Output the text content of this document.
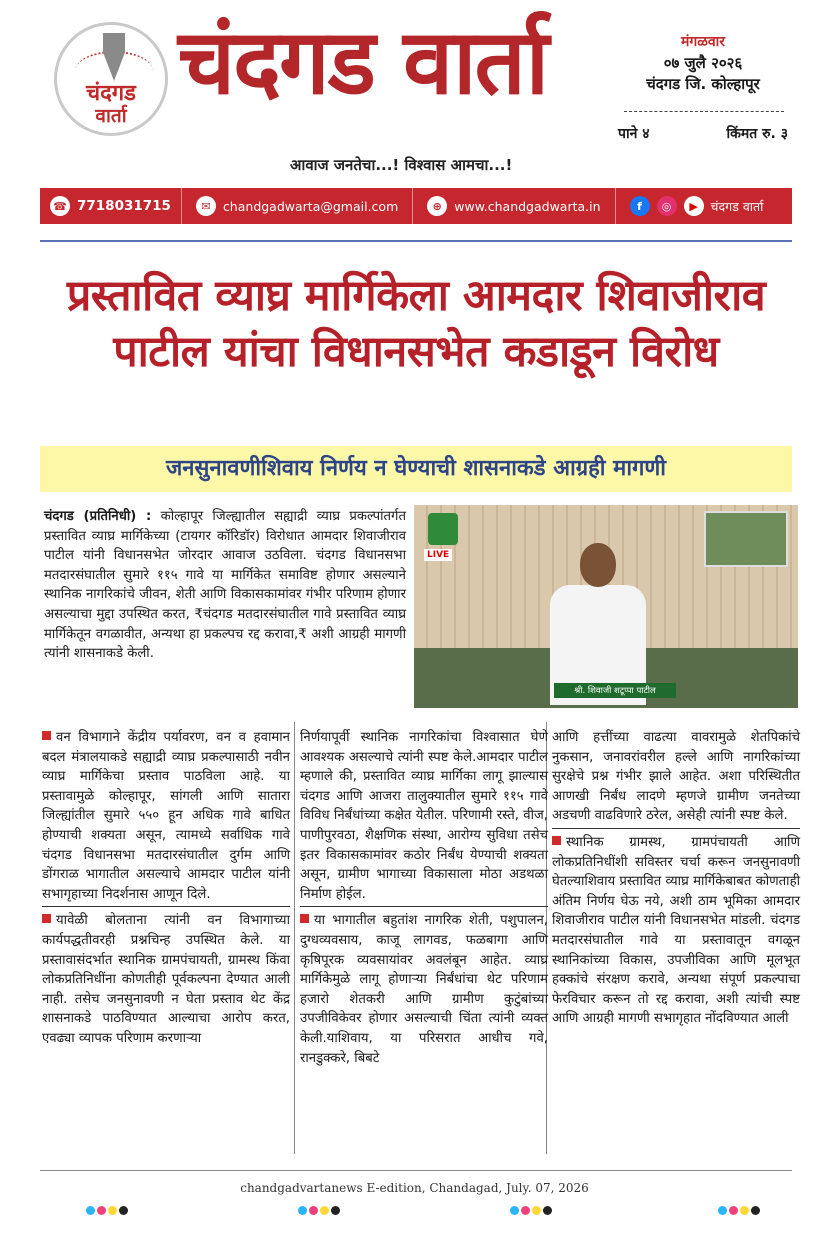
चंदगड
वार्ता
चंदगड वार्ता
आवाज जनतेचा...! विश्वास आमचा...!
मंगळवार
०७ जुलै २०२६
चंदगड जि. कोल्हापूर
पाने ४	किंमत रु. ३
☎ 7718031715	✉ chandgadwarta@gmail.com	⊕ www.chandgadwarta.in	f	◎	▶	चंदगड वार्ता
प्रस्तावित व्याघ्र मार्गिकेला आमदार शिवाजीराव
पाटील यांचा विधानसभेत कडाडून विरोध
जनसुनावणीशिवाय निर्णय न घेण्याची शासनाकडे आग्रही मागणी
LIVE
श्री. शिवाजी शटूप्पा पाटील
चंदगड (प्रतिनिधी) : कोल्हापूर जिल्ह्यातील सह्याद्री व्याघ्र प्रकल्पांतर्गत प्रस्तावित व्याघ्र मार्गिकेच्या (टायगर कॉरिडॉर) विरोधात आमदार शिवाजीराव पाटील यांनी विधानसभेत जोरदार आवाज उठविला. चंदगड विधानसभा मतदारसंघातील सुमारे ११५ गावे या मार्गिकेत समाविष्ट होणार असल्याने स्थानिक नागरिकांचे जीवन, शेती आणि विकासकामांवर गंभीर परिणाम होणार असल्याचा मुद्दा उपस्थित करत, ₹चंदगड मतदारसंघातील गावे प्रस्तावित व्याघ्र मार्गिकेतून वगळावीत, अन्यथा हा प्रकल्पच रद्द करावा,₹ अशी आग्रही मागणी त्यांनी शासनाकडे केली.

वन विभागाने केंद्रीय पर्यावरण, वन व हवामान बदल मंत्रालयाकडे सह्याद्री व्याघ्र प्रकल्पासाठी नवीन व्याघ्र मार्गिकेचा प्रस्ताव पाठविला आहे. या प्रस्तावामुळे कोल्हापूर, सांगली आणि सातारा जिल्ह्यांतील सुमारे ५५० हून अधिक गावे बाधित होण्याची शक्यता असून, त्यामध्ये सर्वाधिक गावे चंदगड विधानसभा मतदारसंघातील दुर्गम आणि डोंगराळ भागातील असल्याचे आमदार पाटील यांनी सभागृहाच्या निदर्शनास आणून दिले.

यावेळी बोलताना त्यांनी वन विभागाच्या कार्यपद्धतीवरही प्रश्नचिन्ह उपस्थित केले. या प्रस्तावासंदर्भात स्थानिक ग्रामपंचायती, ग्रामस्थ किंवा लोकप्रतिनिधींना कोणतीही पूर्वकल्पना देण्यात आली नाही. तसेच जनसुनावणी न घेता प्रस्ताव थेट केंद्र शासनाकडे पाठविण्यात आल्याचा आरोप करत, एवढ्या व्यापक परिणाम करणाऱ्या

निर्णयापूर्वी स्थानिक नागरिकांचा विश्वासात घेणे आवश्यक असल्याचे त्यांनी स्पष्ट केले.आमदार पाटील म्हणाले की, प्रस्तावित व्याघ्र मार्गिका लागू झाल्यास चंदगड आणि आजरा तालुक्यातील सुमारे ११५ गावे विविध निर्बंधांच्या कक्षेत येतील. परिणामी रस्ते, वीज, पाणीपुरवठा, शैक्षणिक संस्था, आरोग्य सुविधा तसेच इतर विकासकामांवर कठोर निर्बंध येण्याची शक्यता असून, ग्रामीण भागाच्या विकासाला मोठा अडथळा निर्माण होईल.

या भागातील बहुतांश नागरिक शेती, पशुपालन, दुग्धव्यवसाय, काजू लागवड, फळबागा आणि कृषिपूरक व्यवसायांवर अवलंबून आहेत. व्याघ्र मार्गिकेमुळे लागू होणाऱ्या निर्बंधांचा थेट परिणाम हजारो शेतकरी आणि ग्रामीण कुटुंबांच्या उपजीविकेवर होणार असल्याची चिंता त्यांनी व्यक्त केली.याशिवाय, या परिसरात आधीच गवे, रानडुक्करे, बिबटे

आणि हत्तींच्या वाढत्या वावरामुळे शेतपिकांचे नुकसान, जनावरांवरील हल्ले आणि नागरिकांच्या सुरक्षेचे प्रश्न गंभीर झाले आहेत. अशा परिस्थितीत आणखी निर्बंध लादणे म्हणजे ग्रामीण जनतेच्या अडचणी वाढविणारे ठरेल, असेही त्यांनी स्पष्ट केले.

स्थानिक ग्रामस्थ, ग्रामपंचायती आणि लोकप्रतिनिधींशी सविस्तर चर्चा करून जनसुनावणी घेतल्याशिवाय प्रस्तावित व्याघ्र मार्गिकेबाबत कोणताही अंतिम निर्णय घेऊ नये, अशी ठाम भूमिका आमदार शिवाजीराव पाटील यांनी विधानसभेत मांडली. चंदगड मतदारसंघातील गावे या प्रस्तावातून वगळून स्थानिकांच्या विकास, उपजीविका आणि मूलभूत हक्कांचे संरक्षण करावे, अन्यथा संपूर्ण प्रकल्पाचा फेरविचार करून तो रद्द करावा, अशी त्यांची स्पष्ट आणि आग्रही मागणी सभागृहात नोंदविण्यात आली

chandgadvartanews E-edition, Chandagad, July. 07, 2026
